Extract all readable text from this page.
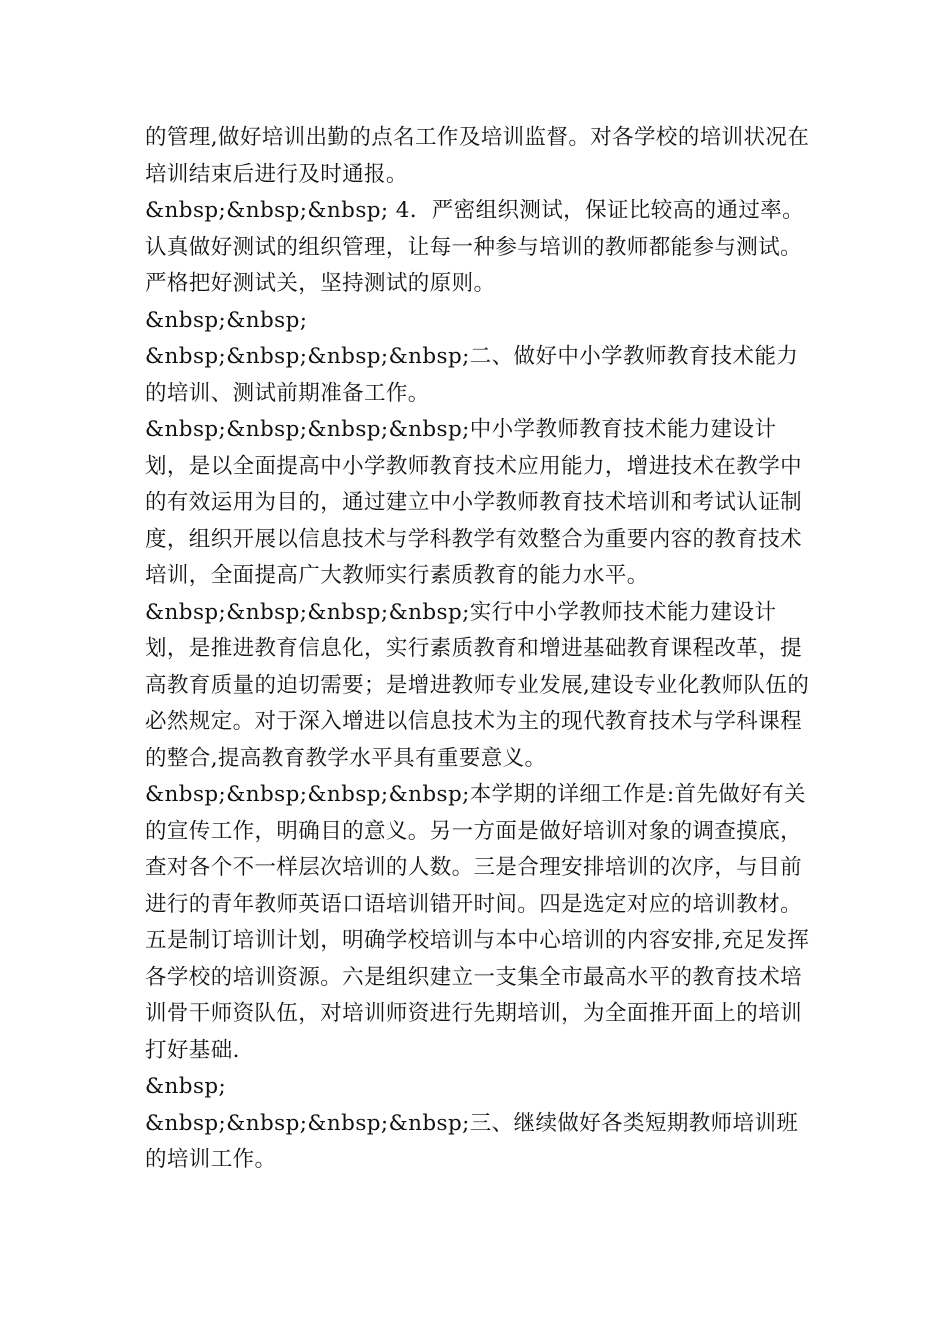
的管理,做好培训出勤的点名工作及培训监督。对各学校的培训状况在培训结束后进行及时通报。

&nbsp;&nbsp;&nbsp; 4．严密组织测试，保证比较高的通过率。认真做好测试的组织管理，让每一种参与培训的教师都能参与测试。严格把好测试关，坚持测试的原则。

&nbsp;&nbsp;

&nbsp;&nbsp;&nbsp;&nbsp;二、做好中小学教师教育技术能力的培训、测试前期准备工作。

&nbsp;&nbsp;&nbsp;&nbsp;中小学教师教育技术能力建设计划，是以全面提高中小学教师教育技术应用能力，增进技术在教学中的有效运用为目的，通过建立中小学教师教育技术培训和考试认证制度，组织开展以信息技术与学科教学有效整合为重要内容的教育技术培训，全面提高广大教师实行素质教育的能力水平。

&nbsp;&nbsp;&nbsp;&nbsp;实行中小学教师技术能力建设计划，是推进教育信息化，实行素质教育和增进基础教育课程改革，提高教育质量的迫切需要；是增进教师专业发展,建设专业化教师队伍的必然规定。对于深入增进以信息技术为主的现代教育技术与学科课程的整合,提高教育教学水平具有重要意义。

&nbsp;&nbsp;&nbsp;&nbsp;本学期的详细工作是:首先做好有关的宣传工作，明确目的意义。另一方面是做好培训对象的调查摸底，查对各个不一样层次培训的人数。三是合理安排培训的次序，与目前进行的青年教师英语口语培训错开时间。四是选定对应的培训教材。五是制订培训计划，明确学校培训与本中心培训的内容安排,充足发挥各学校的培训资源。六是组织建立一支集全市最高水平的教育技术培训骨干师资队伍，对培训师资进行先期培训，为全面推开面上的培训打好基础.

&nbsp;

&nbsp;&nbsp;&nbsp;&nbsp;三、继续做好各类短期教师培训班的培训工作。
